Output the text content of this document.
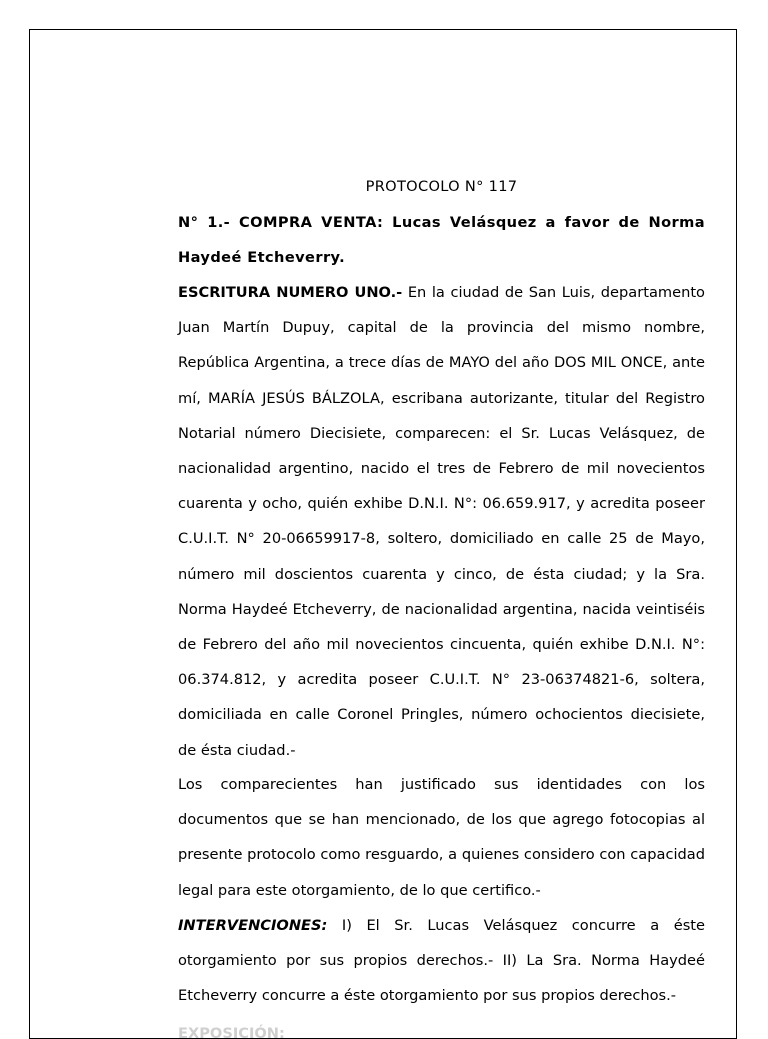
PROTOCOLO N° 117

N° 1.- COMPRA VENTA: Lucas Velásquez a favor de Norma Haydeé Etcheverry.

ESCRITURA NUMERO UNO.- En la ciudad de San Luis, departamento Juan Martín Dupuy, capital de la provincia del mismo nombre, República Argentina, a trece días de MAYO del año DOS MIL ONCE, ante mí, MARÍA JESÚS BÁLZOLA, escribana autorizante, titular del Registro Notarial número Diecisiete, comparecen: el Sr. Lucas Velásquez, de nacionalidad argentino, nacido el tres de Febrero de mil novecientos cuarenta y ocho, quién exhibe D.N.I. N°: 06.659.917, y acredita poseer C.U.I.T. N° 20-06659917-8, soltero, domiciliado en calle 25 de Mayo, número mil doscientos cuarenta y cinco, de ésta ciudad; y la Sra. Norma Haydeé Etcheverry, de nacionalidad argentina, nacida veintiséis de Febrero del año mil novecientos cincuenta, quién exhibe D.N.I. N°: 06.374.812, y acredita poseer C.U.I.T. N° 23-06374821-6, soltera, domiciliada en calle Coronel Pringles, número ochocientos diecisiete, de ésta ciudad.-

Los comparecientes han justificado sus identidades con los documentos que se han mencionado, de los que agrego fotocopias al presente protocolo como resguardo, a quienes considero con capacidad legal para este otorgamiento, de lo que certifico.-

INTERVENCIONES: I) El Sr. Lucas Velásquez concurre a éste otorgamiento por sus propios derechos.- II) La Sra. Norma Haydeé Etcheverry concurre a éste otorgamiento por sus propios derechos.-

EXPOSICIÓN:
